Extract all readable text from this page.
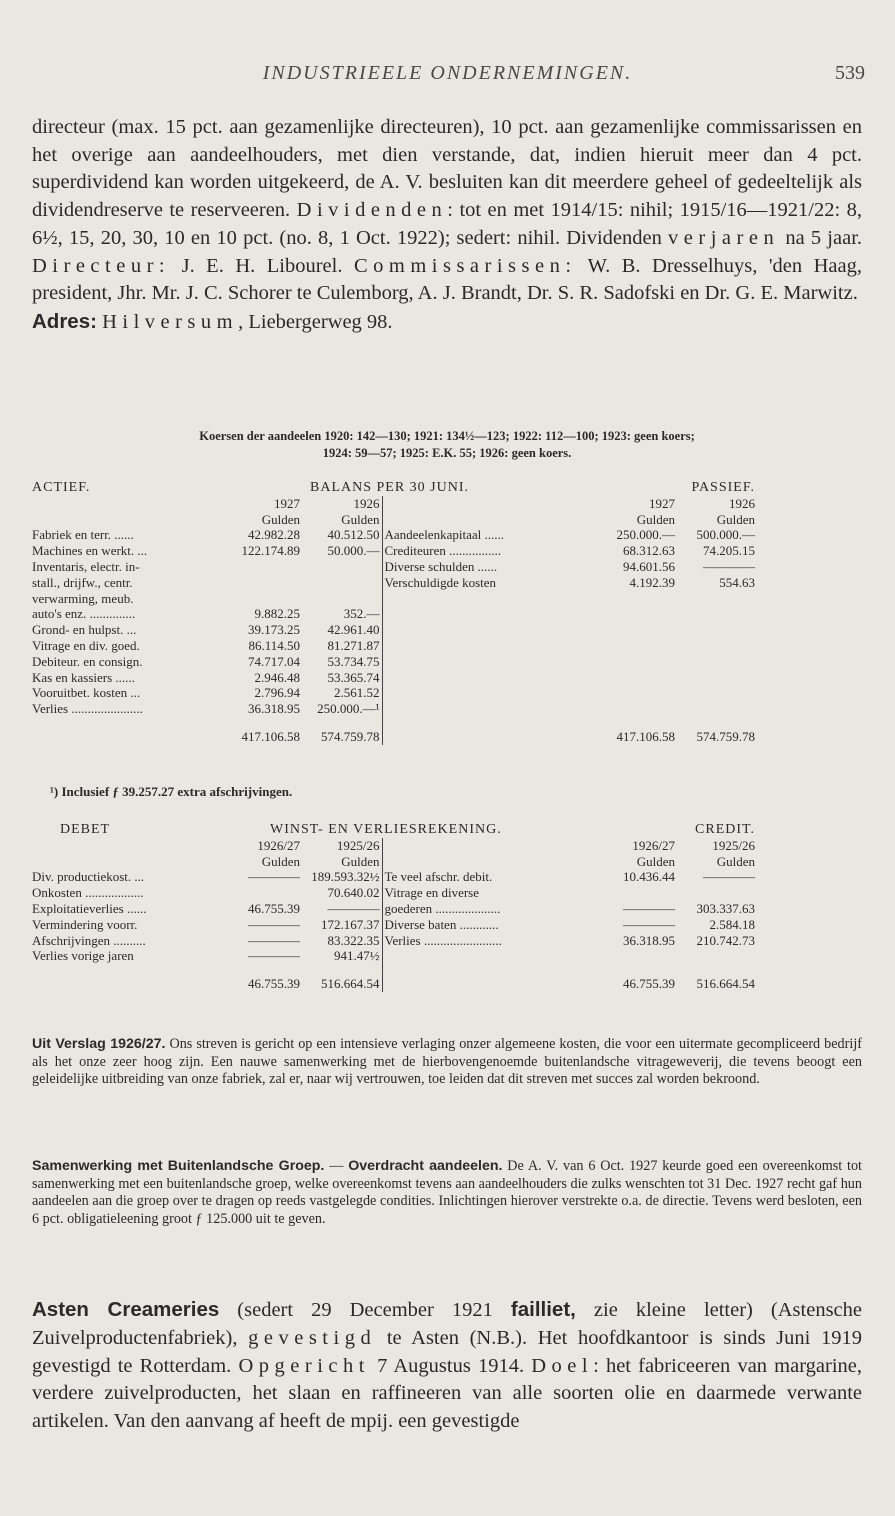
INDUSTRIEELE ONDERNEMINGEN.	539
directeur (max. 15 pct. aan gezamenlijke directeuren), 10 pct. aan gezamenlijke commissarissen en het overige aan aandeelhouders, met dien verstande, dat, indien hieruit meer dan 4 pct. superdividend kan worden uitgekeerd, de A. V. besluiten kan dit meerdere geheel of gedeeltelijk als dividendreserve te reserveeren. Dividenden: tot en met 1914/15: nihil; 1915/16—1921/22: 8, 6½, 15, 20, 30, 10 en 10 pct. (no. 8, 1 Oct. 1922); sedert: nihil. Dividenden verjaren na 5 jaar. Directeur: J. E. H. Libourel. Commissarissen: W. B. Dresselhuys, 'den Haag, president, Jhr. Mr. J. C. Schorer te Culemborg, A. J. Brandt, Dr. S. R. Sadofski en Dr. G. E. Marwitz.
Adres: Hilversum, Liebergerweg 98.
Koersen der aandeelen 1920: 142—130; 1921: 134½—123; 1922: 112—100; 1923: geen koers;
1924: 59—57; 1925: E.K. 55; 1926: geen koers.
ACTIEF.	BALANS PER 30 JUNI.			PASSIEF.		
	1927	1926		1927	1926	
	Gulden	Gulden		Gulden	Gulden	
Fabriek en terr. ......	42.982.28	40.512.50	Aandeelenkapitaal ......	250.000.—	500.000.—	
Machines en werkt. ...	122.174.89	50.000.—	Crediteuren ................	68.312.63	74.205.15	
Inventaris, electr. in-			Diverse schulden ......	94.601.56	————	
stall., drijfw., centr.			Verschuldigde kosten	4.192.39	554.63	
verwarming, meub.						
auto's enz. ..............	9.882.25	352.—				
Grond- en hulpst. ...	39.173.25	42.961.40				
Vitrage en div. goed.	86.114.50	81.271.87				
Debiteur. en consign.	74.717.04	53.734.75				
Kas en kassiers ......	2.946.48	53.365.74				
Vooruitbet. kosten ...	2.796.94	2.561.52				
Verlies ......................	36.318.95	250.000.—¹				

	417.106.58	574.759.78		417.106.58	574.759.78	
¹) Inclusief ƒ 39.257.27 extra afschrijvingen.
DEBET	WINST- EN VERLIESREKENING.			CREDIT.		
	1926/27	1925/26		1926/27	1925/26	
	Gulden	Gulden		Gulden	Gulden	
Div. productiekost. ...	————	189.593.32½	Te veel afschr. debit.	10.436.44	————	
Onkosten ..................		70.640.02	Vitrage en diverse			
Exploitatieverlies ......	46.755.39	————	goederen ....................	————	303.337.63	
Vermindering voorr.	————	172.167.37	Diverse baten ............	————	2.584.18	
Afschrijvingen ..........	————	83.322.35	Verlies ........................	36.318.95	210.742.73	
Verlies vorige jaren	————	941.47½				

	46.755.39	516.664.54		46.755.39	516.664.54	
Uit Verslag 1926/27. Ons streven is gericht op een intensieve verlaging onzer algemeene kosten, die voor een uitermate gecompliceerd bedrijf als het onze zeer hoog zijn. Een nauwe samenwerking met de hierbovengenoemde buitenlandsche vitrageweverij, die tevens beoogt een geleidelijke uitbreiding van onze fabriek, zal er, naar wij vertrouwen, toe leiden dat dit streven met succes zal worden bekroond.
Samenwerking met Buitenlandsche Groep. — Overdracht aandeelen. De A. V. van 6 Oct. 1927 keurde goed een overeenkomst tot samenwerking met een buitenlandsche groep, welke overeenkomst tevens aan aandeelhouders die zulks wenschten tot 31 Dec. 1927 recht gaf hun aandeelen aan die groep over te dragen op reeds vastgelegde condities. Inlichtingen hierover verstrekte o.a. de directie. Tevens werd besloten, een 6 pct. obligatieleening groot ƒ 125.000 uit te geven.
Asten Creameries (sedert 29 December 1921 failliet, zie kleine letter) (Astensche Zuivelproductenfabriek), gevestigd te Asten (N.B.). Het hoofdkantoor is sinds Juni 1919 gevestigd te Rotterdam. Opgericht 7 Augustus 1914. Doel: het fabriceeren van margarine, verdere zuivelproducten, het slaan en raffineeren van alle soorten olie en daarmede verwante artikelen. Van den aanvang af heeft de mpij. een gevestigde
